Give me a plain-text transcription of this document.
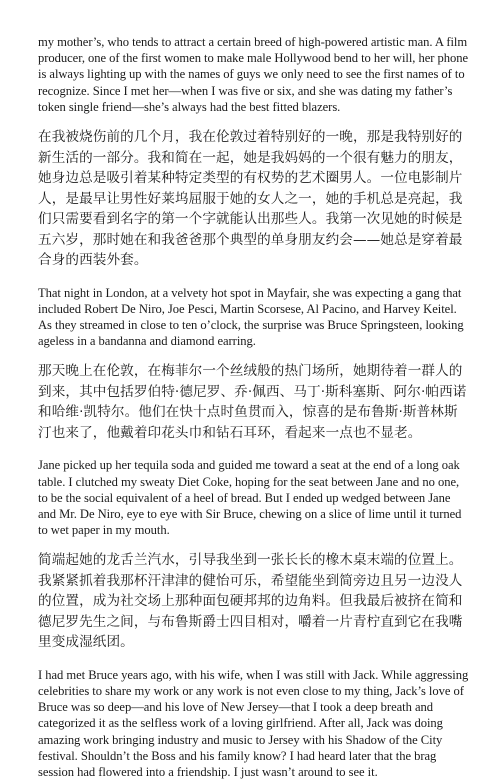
my mother’s, who tends to attract a certain breed of high-powered artistic man. A film producer, one of the first women to make male Hollywood bend to her will, her phone is always lighting up with the names of guys we only need to see the first names of to recognize. Since I met her—when I was five or six, and she was dating my father’s token single friend—she’s always had the best fitted blazers.

在我被烧伤前的几个月，我在伦敦过着特别好的一晚，那是我特别好的新生活的一部分。我和简在一起，她是我妈妈的一个很有魅力的朋友，她身边总是吸引着某种特定类型的有权势的艺术圈男人。一位电影制片人，是最早让男性好莱坞屈服于她的女人之一，她的手机总是亮起，我们只需要看到名字的第一个字就能认出那些人。我第一次见她的时候是五六岁，那时她在和我爸爸那个典型的单身朋友约会——她总是穿着最合身的西装外套。

That night in London, at a velvety hot spot in Mayfair, she was expecting a gang that included Robert De Niro, Joe Pesci, Martin Scorsese, Al Pacino, and Harvey Keitel. As they streamed in close to ten o’clock, the surprise was Bruce Springsteen, looking ageless in a bandanna and diamond earring.

那天晚上在伦敦，在梅菲尔一个丝绒般的热门场所，她期待着一群人的到来，其中包括罗伯特·德尼罗、乔·佩西、马丁·斯科塞斯、阿尔·帕西诺和哈维·凯特尔。他们在快十点时鱼贯而入，惊喜的是布鲁斯·斯普林斯汀也来了，他戴着印花头巾和钻石耳环，看起来一点也不显老。

Jane picked up her tequila soda and guided me toward a seat at the end of a long oak table. I clutched my sweaty Diet Coke, hoping for the seat between Jane and no one, to be the social equivalent of a heel of bread. But I ended up wedged between Jane and Mr. De Niro, eye to eye with Sir Bruce, chewing on a slice of lime until it turned to wet paper in my mouth.

简端起她的龙舌兰汽水，引导我坐到一张长长的橡木桌末端的位置上。我紧紧抓着我那杯汗津津的健怡可乐，希望能坐到简旁边且另一边没人的位置，成为社交场上那种面包硬邦邦的边角料。但我最后被挤在简和德尼罗先生之间，与布鲁斯爵士四目相对，嚼着一片青柠直到它在我嘴里变成湿纸团。

I had met Bruce years ago, with his wife, when I was still with Jack. While aggressing celebrities to share my work or any work is not even close to my thing, Jack’s love of Bruce was so deep—and his love of New Jersey—that I took a deep breath and categorized it as the selfless work of a loving girlfriend. After all, Jack was doing amazing work bringing industry and music to Jersey with his Shadow of the City festival. Shouldn’t the Boss and his family know? I had heard later that the brag session had flowered into a friendship. I just wasn’t around to see it.
